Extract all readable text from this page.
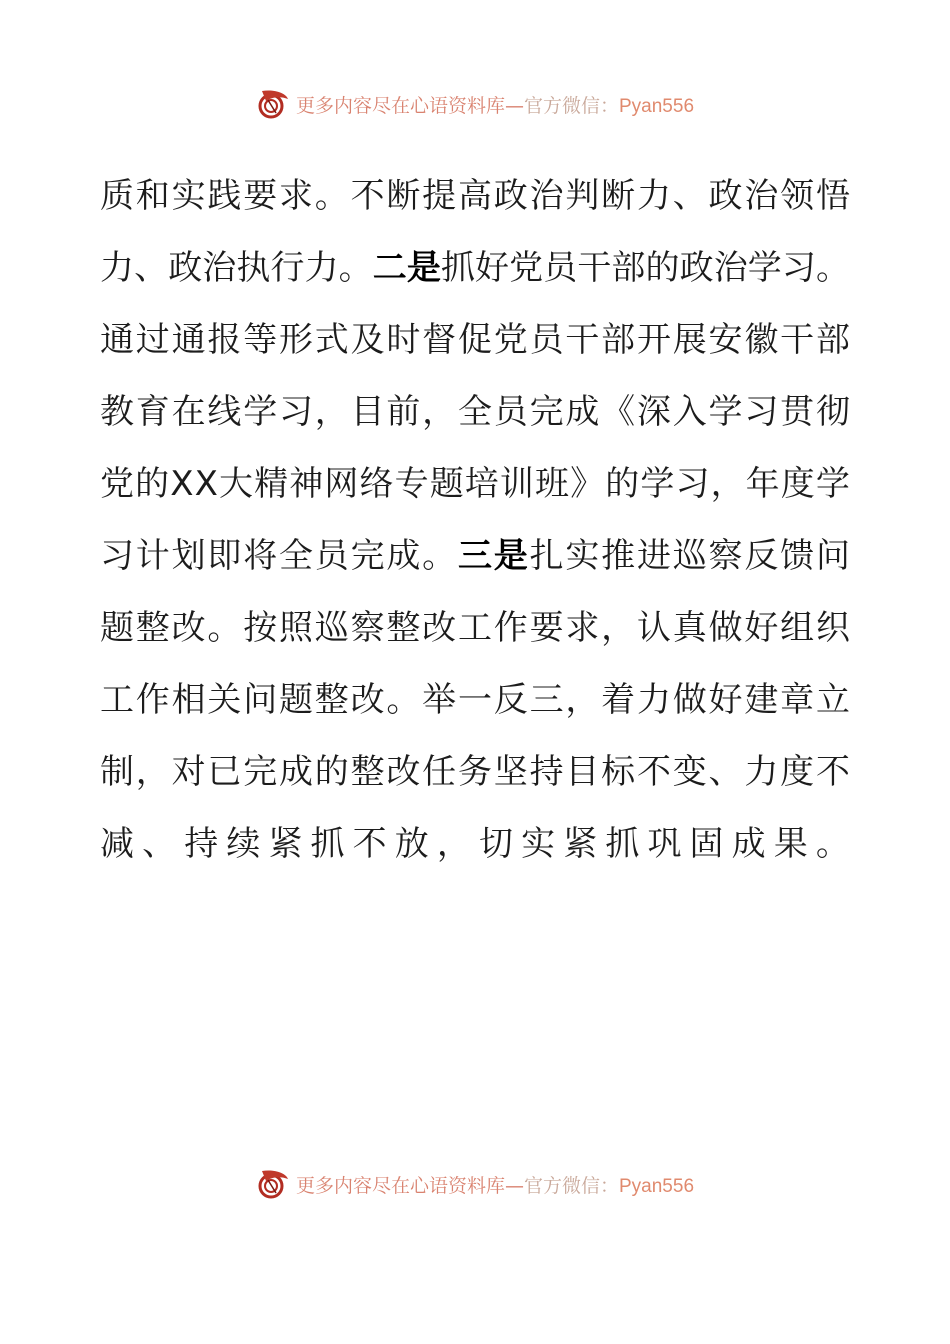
更多内容尽在心语资料库—官方微信：Pyan556
质 和 实 践 要 求 。 不 断 提 高 政 治 判 断 力 、 政 治 领 悟
力 、 政 治 执 行 力 。 二 是 抓 好 党 员 干 部 的 政 治 学 习 。
通 过 通 报 等 形 式 及 时 督 促 党 员 干 部 开 展 安 徽 干 部
教 育 在 线 学 习 ， 目 前 ， 全 员 完 成 《 深 入 学 习 贯 彻
党 的 X X 大 精 神 网 络 专 题 培 训 班 》 的 学 习 ， 年 度 学
习 计 划 即 将 全 员 完 成 。 三 是 扎 实 推 进 巡 察 反 馈 问
题 整 改 。 按 照 巡 察 整 改 工 作 要 求 ， 认 真 做 好 组 织
工 作 相 关 问 题 整 改 。 举 一 反 三 ， 着 力 做 好 建 章 立
制 ， 对 已 完 成 的 整 改 任 务 坚 持 目 标 不 变 、 力 度 不
减 、 持 续 紧 抓 不 放 ， 切 实 紧 抓 巩 固 成 果 。
更多内容尽在心语资料库—官方微信：Pyan556
